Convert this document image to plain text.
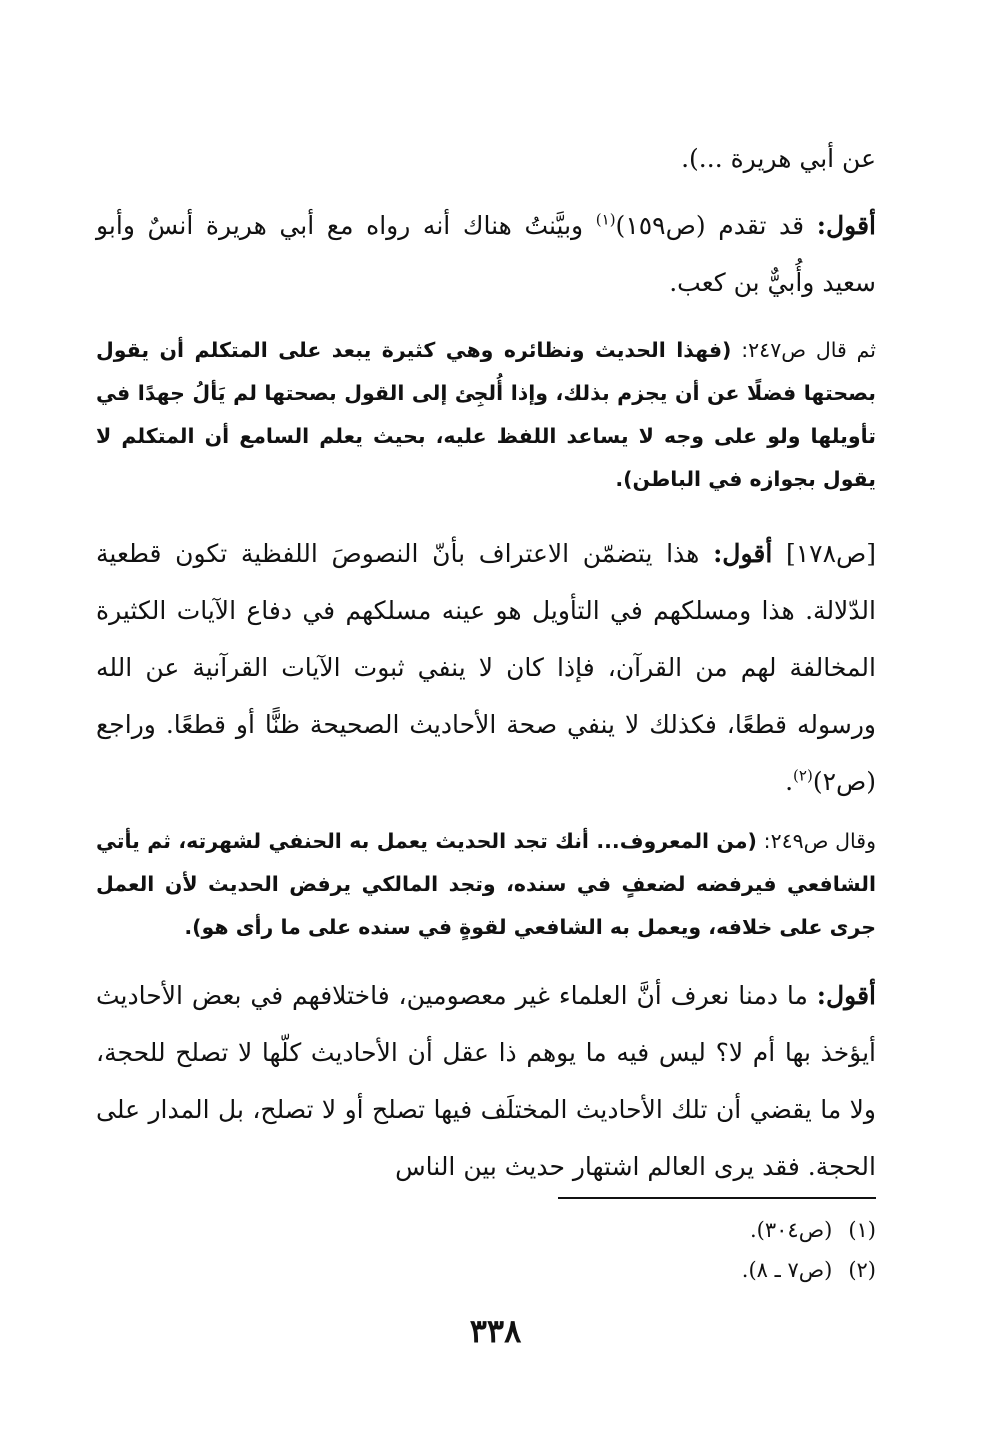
عن أبي هريرة ...).

أقول: قد تقدم (ص١٥٩)$^{(١)}$ وبيَّنتُ هناك أنه رواه مع أبي هريرة أنسٌ وأبو سعيد وأُبيٌّ بن كعب.

ثم قال ص٢٤٧: (فهذا الحديث ونظائره وهي كثيرة يبعد على المتكلم أن يقول بصحتها فضلًا عن أن يجزم بذلك، وإذا أُلجِئ إلى القول بصحتها لم يَألُ جهدًا في تأويلها ولو على وجه لا يساعد اللفظ عليه، بحيث يعلم السامع أن المتكلم لا يقول بجوازه في الباطن).

[ص١٧٨] أقول: هذا يتضمّن الاعتراف بأنّ النصوصَ اللفظية تكون قطعية الدّلالة. هذا ومسلكهم في التأويل هو عينه مسلكهم في دفاع الآيات الكثيرة المخالفة لهم من القرآن، فإذا كان لا ينفي ثبوت الآيات القرآنية عن الله ورسوله قطعًا، فكذلك لا ينفي صحة الأحاديث الصحيحة ظنًّا أو قطعًا. وراجع (ص٢)$^{(٢)}$.

وقال ص٢٤٩: (من المعروف... أنك تجد الحديث يعمل به الحنفي لشهرته، ثم يأتي الشافعي فيرفضه لضعفٍ في سنده، وتجد المالكي يرفض الحديث لأن العمل جرى على خلافه، ويعمل به الشافعي لقوةٍ في سنده على ما رأى هو).

أقول: ما دمنا نعرف أنَّ العلماء غير معصومين، فاختلافهم في بعض الأحاديث أيؤخذ بها أم لا؟ ليس فيه ما يوهم ذا عقل أن الأحاديث كلّها لا تصلح للحجة، ولا ما يقضي أن تلك الأحاديث المختلَف فيها تصلح أو لا تصلح، بل المدار على الحجة. فقد يرى العالم اشتهار حديث بين الناس

(١)(ص٣٠٤).

(٢)(ص٧ ـ ٨).

٣٣٨
